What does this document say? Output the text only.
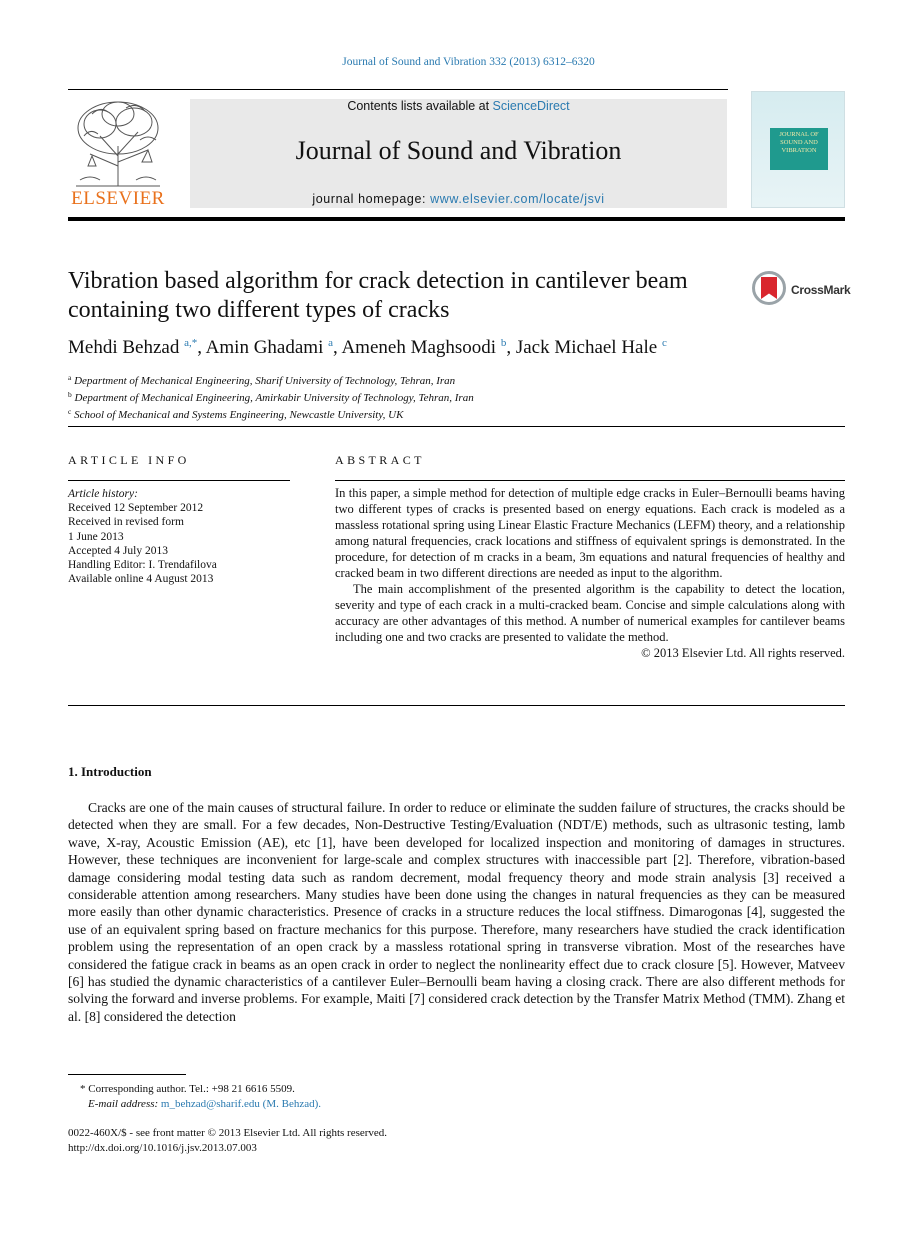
Journal of Sound and Vibration 332 (2013) 6312–6320
ELSEVIER
Contents lists available at ScienceDirect
Journal of Sound and Vibration
journal homepage: www.elsevier.com/locate/jsvi
JOURNAL OF SOUND AND VIBRATION
Vibration based algorithm for crack detection in cantilever beam containing two different types of cracks
CrossMark
Mehdi Behzad $^{a,*}$, Amin Ghadami $^a$, Ameneh Maghsoodi $^b$, Jack Michael Hale $^c$
$^a$ Department of Mechanical Engineering, Sharif University of Technology, Tehran, Iran
$^b$ Department of Mechanical Engineering, Amirkabir University of Technology, Tehran, Iran
$^c$ School of Mechanical and Systems Engineering, Newcastle University, UK
ARTICLE INFO
Article history:
Received 12 September 2012
Received in revised form
1 June 2013
Accepted 4 July 2013
Handling Editor: I. Trendafilova
Available online 4 August 2013
ABSTRACT

In this paper, a simple method for detection of multiple edge cracks in Euler–Bernoulli beams having two different types of cracks is presented based on energy equations. Each crack is modeled as a massless rotational spring using Linear Elastic Fracture Mechanics (LEFM) theory, and a relationship among natural frequencies, crack locations and stiffness of equivalent springs is demonstrated. In the procedure, for detection of m cracks in a beam, 3m equations and natural frequencies of healthy and cracked beam in two different directions are needed as input to the algorithm.

The main accomplishment of the presented algorithm is the capability to detect the location, severity and type of each crack in a multi-cracked beam. Concise and simple calculations along with accuracy are other advantages of this method. A number of numerical examples for cantilever beams including one and two cracks are presented to validate the method.

© 2013 Elsevier Ltd. All rights reserved.

1. Introduction

Cracks are one of the main causes of structural failure. In order to reduce or eliminate the sudden failure of structures, the cracks should be detected when they are small. For a few decades, Non-Destructive Testing/Evaluation (NDT/E) methods, such as ultrasonic testing, lamb wave, X-ray, Acoustic Emission (AE), etc [1], have been developed for localized inspection and monitoring of damages in structures. However, these techniques are inconvenient for large-scale and complex structures with inaccessible part [2]. Therefore, vibration-based damage considering modal testing data such as random decrement, modal frequency theory and mode strain analysis [3] received a considerable attention among researchers. Many studies have been done using the changes in natural frequencies as they can be measured more easily than other dynamic characteristics. Presence of cracks in a structure reduces the local stiffness. Dimarogonas [4], suggested the use of an equivalent spring based on fracture mechanics for this purpose. Therefore, many researchers have studied the crack identification problem using the representation of an open crack by a massless rotational spring in transverse vibration. Most of the researches have considered the fatigue crack in beams as an open crack in order to neglect the nonlinearity effect due to crack closure [5]. However, Matveev [6] has studied the dynamic characteristics of a cantilever Euler–Bernoulli beam having a closing crack. There are also different methods for solving the forward and inverse problems. For example, Maiti [7] considered crack detection by the Transfer Matrix Method (TMM). Zhang et al. [8] considered the detection

* Corresponding author. Tel.: +98 21 6616 5509.
E-mail address: m_behzad@sharif.edu (M. Behzad).
0022-460X/$ - see front matter © 2013 Elsevier Ltd. All rights reserved.
http://dx.doi.org/10.1016/j.jsv.2013.07.003
